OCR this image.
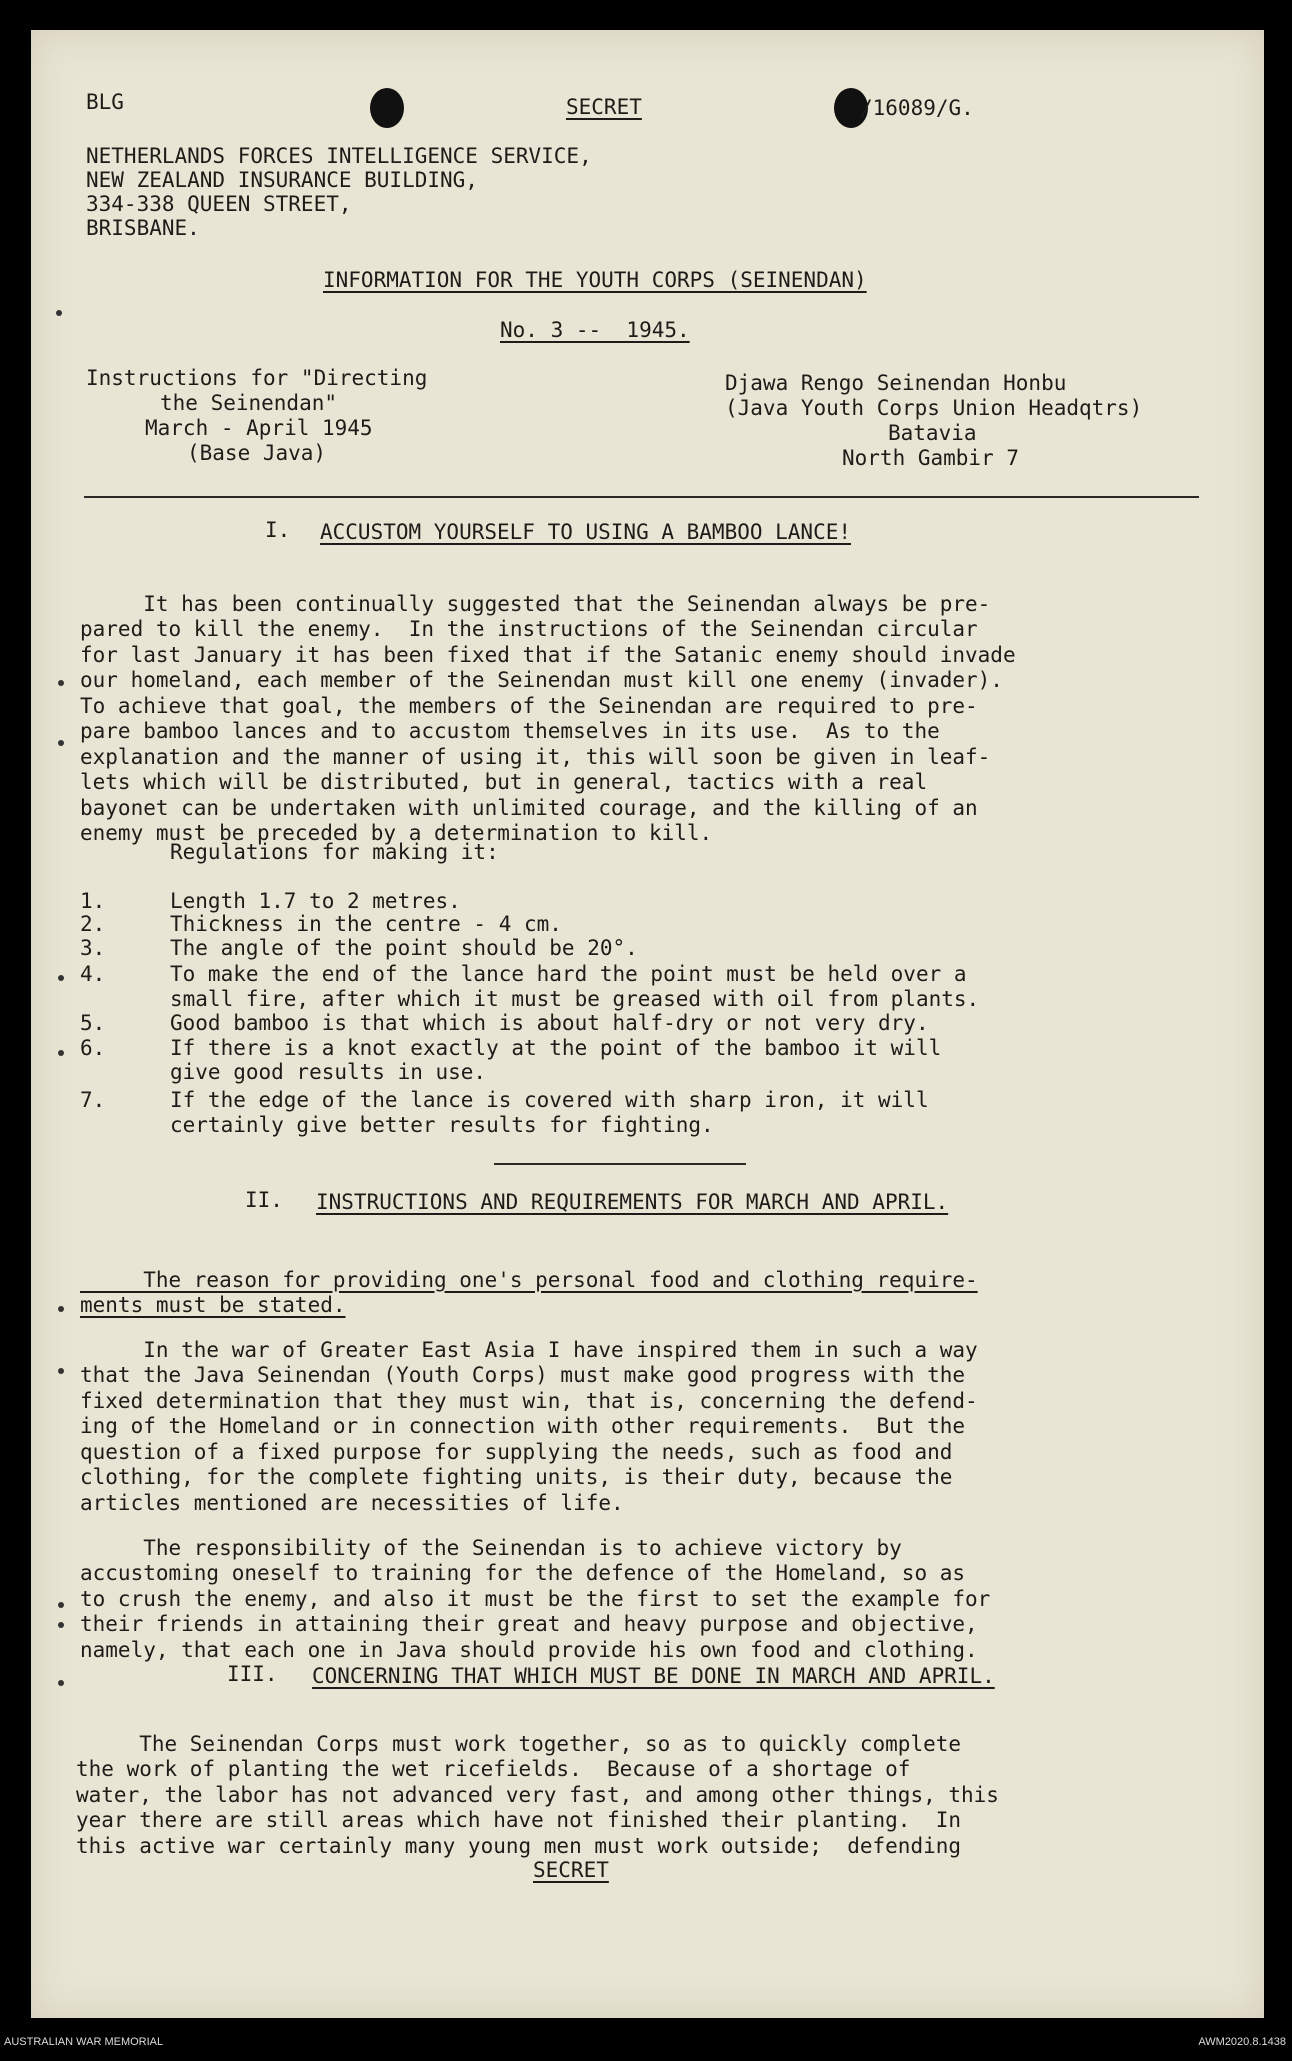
BLG	SECRET	/16089/G.
NETHERLANDS FORCES INTELLIGENCE SERVICE,
NEW ZEALAND INSURANCE BUILDING,
334-338 QUEEN STREET,
BRISBANE.
INFORMATION FOR THE YOUTH CORPS (SEINENDAN)
No. 3 --  1945.
Instructions for "Directing
the Seinendan"
March - April 1945
(Base Java)
Djawa Rengo Seinendan Honbu
(Java Youth Corps Union Headqtrs)
Batavia
North Gambir 7
I. ACCUSTOM YOURSELF TO USING A BAMBOO LANCE!

It has been continually suggested that the Seinendan always be pre-
pared to kill the enemy.  In the instructions of the Seinendan circular
for last January it has been fixed that if the Satanic enemy should invade
our homeland, each member of the Seinendan must kill one enemy (invader).
To achieve that goal, the members of the Seinendan are required to pre-
pare bamboo lances and to accustom themselves in its use.  As to the
explanation and the manner of using it, this will soon be given in leaf-
lets which will be distributed, but in general, tactics with a real
bayonet can be undertaken with unlimited courage, and the killing of an
enemy must be preceded by a determination to kill.
Regulations for making it:
1.	Length 1.7 to 2 metres.
2.	Thickness in the centre - 4 cm.
3.	The angle of the point should be 20°.
4.	To make the end of the lance hard the point must be held over a
small fire, after which it must be greased with oil from plants.
5.	Good bamboo is that which is about half-dry or not very dry.
6.	If there is a knot exactly at the point of the bamboo it will
give good results in use.
7.	If the edge of the lance is covered with sharp iron, it will
certainly give better results for fighting.
II. INSTRUCTIONS AND REQUIREMENTS FOR MARCH AND APRIL.

The reason for providing one's personal food and clothing require-
ments must be stated.

In the war of Greater East Asia I have inspired them in such a way
that the Java Seinendan (Youth Corps) must make good progress with the
fixed determination that they must win, that is, concerning the defend-
ing of the Homeland or in connection with other requirements.  But the
question of a fixed purpose for supplying the needs, such as food and
clothing, for the complete fighting units, is their duty, because the
articles mentioned are necessities of life.

The responsibility of the Seinendan is to achieve victory by
accustoming oneself to training for the defence of the Homeland, so as
to crush the enemy, and also it must be the first to set the example for
their friends in attaining their great and heavy purpose and objective,
namely, that each one in Java should provide his own food and clothing.
III. CONCERNING THAT WHICH MUST BE DONE IN MARCH AND APRIL.

The Seinendan Corps must work together, so as to quickly complete
the work of planting the wet ricefields.  Because of a shortage of
water, the labor has not advanced very fast, and among other things, this
year there are still areas which have not finished their planting.  In
this active war certainly many young men must work outside;  defending
SECRET
AUSTRALIAN WAR MEMORIAL	AWM2020.8.1438
